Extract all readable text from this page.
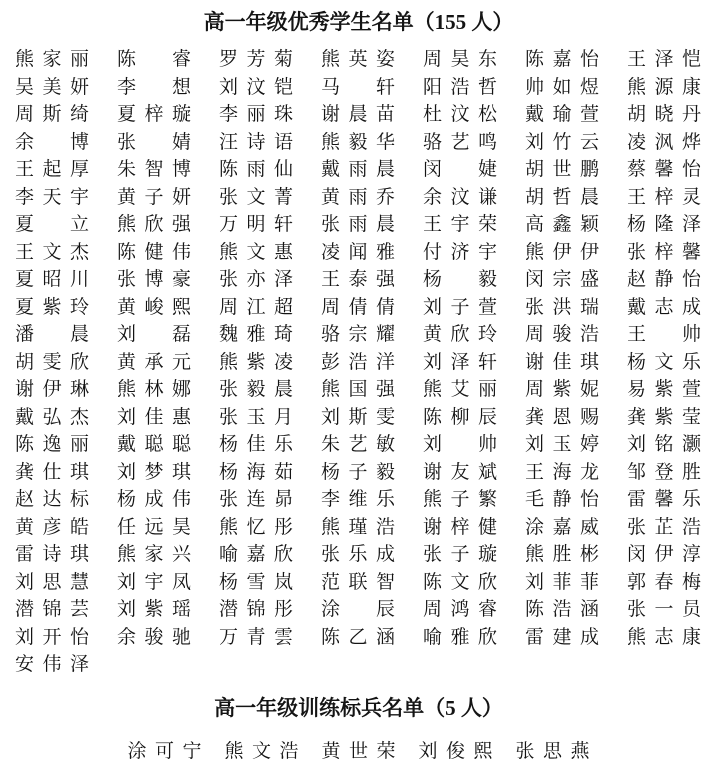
高一年级优秀学生名单（155 人）
熊家丽
吴美妍
周斯绮
余博
王起厚
李天宇
夏立
王文杰
夏昭川
夏紫玲
潘晨
胡雯欣
谢伊琳
戴弘杰
陈逸丽
龚仕琪
赵达标
黄彦皓
雷诗琪
刘思慧
潜锦芸
刘开怡
安伟泽
陈睿
李想
夏梓璇
张婧
朱智博
黄子妍
熊欣强
陈健伟
张博豪
黄峻熙
刘磊
黄承元
熊林娜
刘佳惠
戴聪聪
刘梦琪
杨成伟
任远昊
熊家兴
刘宇凤
刘紫瑶
余骏驰
罗芳菊
刘汶铠
李丽珠
汪诗语
陈雨仙
张文菁
万明轩
熊文惠
张亦泽
周江超
魏雅琦
熊紫凌
张毅晨
张玉月
杨佳乐
杨海茹
张连昴
熊忆彤
喻嘉欣
杨雪岚
潜锦彤
万青雲
熊英姿
马轩
谢晨苗
熊毅华
戴雨晨
黄雨乔
张雨晨
凌闻雅
王泰强
周倩倩
骆宗耀
彭浩洋
熊国强
刘斯雯
朱艺敏
杨子毅
李维乐
熊瑾浩
张乐成
范联智
涂辰
陈乙涵
周昊东
阳浩哲
杜汶松
骆艺鸣
闵婕
余汶谦
王宇荣
付济宇
杨毅
刘子萱
黄欣玲
刘泽轩
熊艾丽
陈柳辰
刘帅
谢友斌
熊子繁
谢梓健
张子璇
陈文欣
周鸿睿
喻雅欣
陈嘉怡
帅如煜
戴瑜萱
刘竹云
胡世鹏
胡哲晨
高鑫颖
熊伊伊
闵宗盛
张洪瑞
周骏浩
谢佳琪
周紫妮
龚恩赐
刘玉婷
王海龙
毛静怡
涂嘉威
熊胜彬
刘菲菲
陈浩涵
雷建成
王泽恺
熊源康
胡晓丹
凌沨烨
蔡馨怡
王梓灵
杨隆泽
张梓馨
赵静怡
戴志成
王帅
杨文乐
易紫萱
龚紫莹
刘铭灏
邹登胜
雷馨乐
张芷浩
闵伊淳
郭春梅
张一员
熊志康
高一年级训练标兵名单（5 人）
涂可宁 熊文浩 黄世荣 刘俊熙 张思燕
